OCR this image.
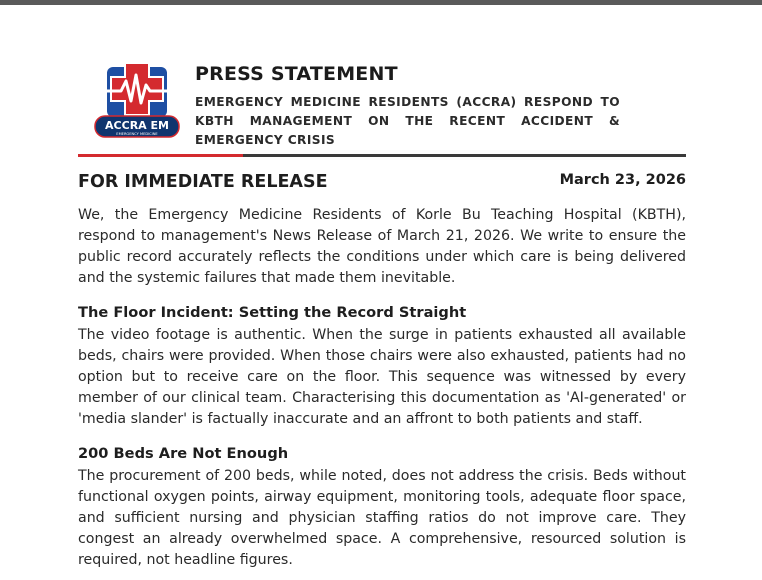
ACCRA EM
EMERGENCY MEDICINE
PRESS STATEMENT
EMERGENCY MEDICINE RESIDENTS (ACCRA) RESPOND TO KBTH MANAGEMENT ON THE RECENT ACCIDENT & EMERGENCY CRISIS
FOR IMMEDIATE RELEASE	March 23, 2026
We, the Emergency Medicine Residents of Korle Bu Teaching Hospital (KBTH), respond to management's News Release of March 21, 2026. We write to ensure the public record accurately reflects the conditions under which care is being delivered and the systemic failures that made them inevitable.
The Floor Incident: Setting the Record Straight
The video footage is authentic. When the surge in patients exhausted all available beds, chairs were provided. When those chairs were also exhausted, patients had no option but to receive care on the floor. This sequence was witnessed by every member of our clinical team. Characterising this documentation as 'AI-generated' or 'media slander' is factually inaccurate and an affront to both patients and staff.
200 Beds Are Not Enough
The procurement of 200 beds, while noted, does not address the crisis. Beds without functional oxygen points, airway equipment, monitoring tools, adequate floor space, and sufficient nursing and physician staffing ratios do not improve care. They congest an already overwhelmed space. A comprehensive, resourced solution is required, not headline figures.
